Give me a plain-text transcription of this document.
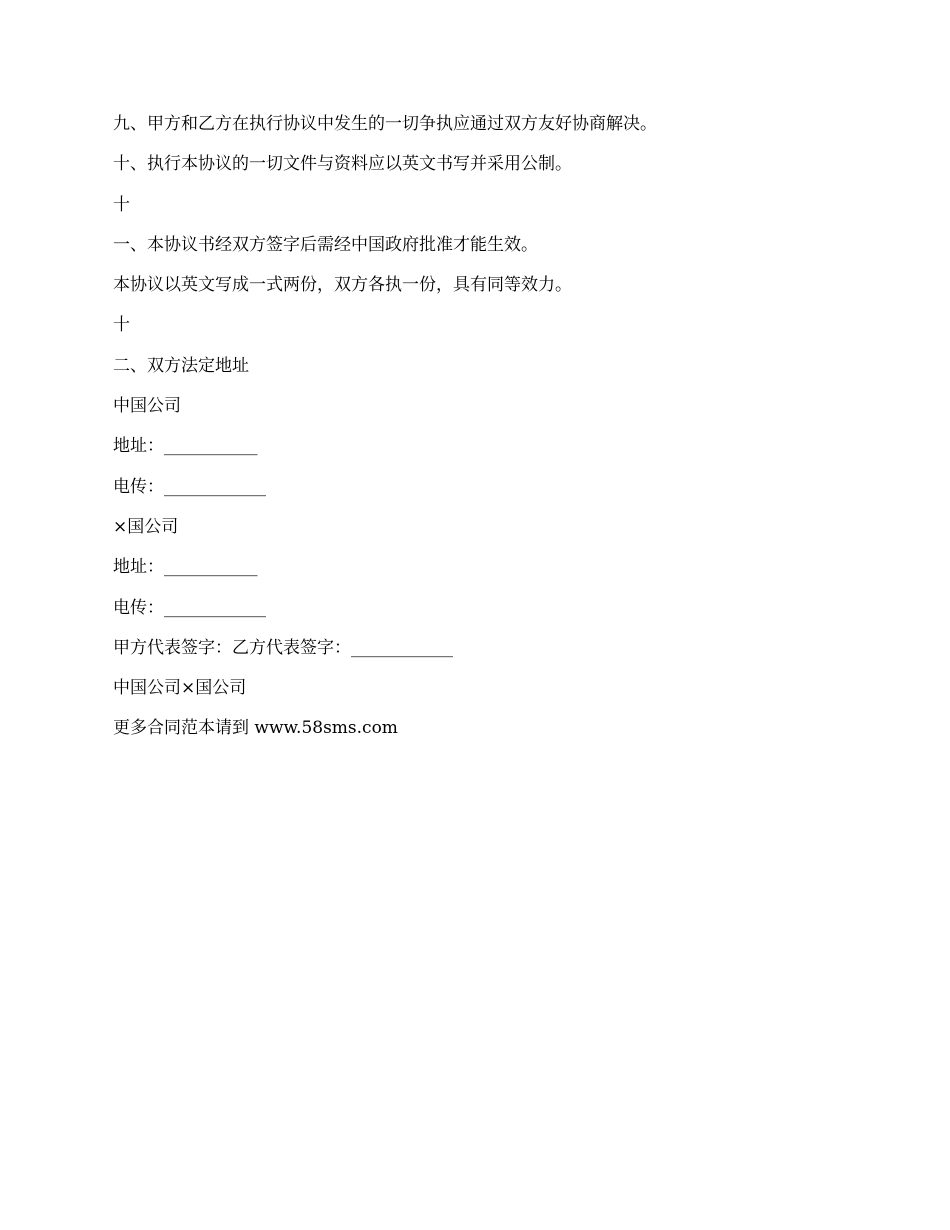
九、甲方和乙方在执行协议中发生的一切争执应通过双方友好协商解决。
十、执行本协议的一切文件与资料应以英文书写并采用公制。
十
一、本协议书经双方签字后需经中国政府批准才能生效。
本协议以英文写成一式两份，双方各执一份，具有同等效力。
十
二、双方法定地址
中国公司
地址：___________
电传：____________
×国公司
地址：___________
电传：____________
甲方代表签字：乙方代表签字：____________
中国公司×国公司
更多合同范本请到 www.58sms.com
